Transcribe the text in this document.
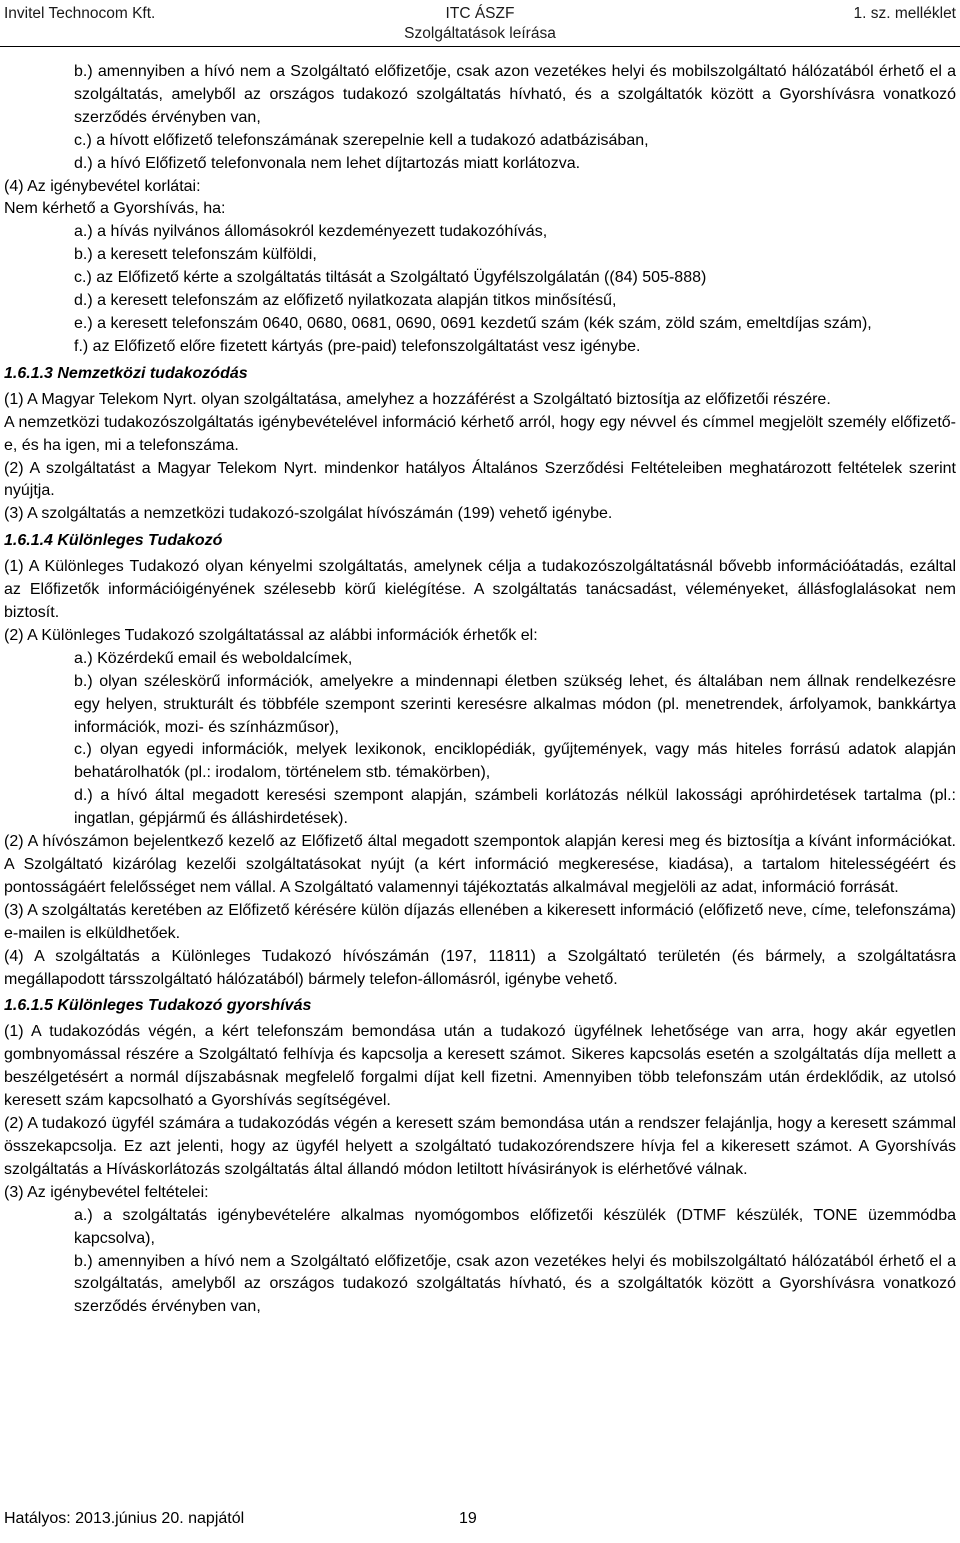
Invitel Technocom Kft.	ITC ÁSZF
Szolgáltatások leírása
1. sz. melléklet

b.) amennyiben a hívó nem a Szolgáltató előfizetője, csak azon vezetékes helyi és mobilszolgáltató hálózatából érhető el a szolgáltatás, amelyből az országos tudakozó szolgáltatás hívható, és a szolgáltatók között a Gyorshívásra vonatkozó szerződés érvényben van,

c.) a hívott előfizető telefonszámának szerepelnie kell a tudakozó adatbázisában,

d.) a hívó Előfizető telefonvonala nem lehet díjtartozás miatt korlátozva.

(4) Az igénybevétel korlátai:

Nem kérhető a Gyorshívás, ha:

a.) a hívás nyilvános állomásokról kezdeményezett tudakozóhívás,

b.) a keresett telefonszám külföldi,

c.) az Előfizető kérte a szolgáltatás tiltását a Szolgáltató Ügyfélszolgálatán ((84) 505-888)

d.) a keresett telefonszám az előfizető nyilatkozata alapján titkos minősítésű,

e.) a keresett telefonszám 0640, 0680, 0681, 0690, 0691 kezdetű szám (kék szám, zöld szám, emeltdíjas szám),

f.) az Előfizető előre fizetett kártyás (pre-paid) telefonszolgáltatást vesz igénybe.

1.6.1.3 Nemzetközi tudakozódás

(1) A Magyar Telekom Nyrt. olyan szolgáltatása, amelyhez a hozzáférést a Szolgáltató biztosítja az előfizetői részére.

A nemzetközi tudakozószolgáltatás igénybevételével információ kérhető arról, hogy egy névvel és címmel megjelölt személy előfizető-e, és ha igen, mi a telefonszáma.

(2) A szolgáltatást a Magyar Telekom Nyrt. mindenkor hatályos Általános Szerződési Feltételeiben meghatározott feltételek szerint nyújtja.

(3) A szolgáltatás a nemzetközi tudakozó-szolgálat hívószámán (199) vehető igénybe.

1.6.1.4 Különleges Tudakozó

(1) A Különleges Tudakozó olyan kényelmi szolgáltatás, amelynek célja a tudakozószolgáltatásnál bővebb információátadás, ezáltal az Előfizetők információigényének szélesebb körű kielégítése. A szolgáltatás tanácsadást, véleményeket, állásfoglalásokat nem biztosít.

(2) A Különleges Tudakozó szolgáltatással az alábbi információk érhetők el:

a.) Közérdekű email és weboldalcímek,

b.) olyan széleskörű információk, amelyekre a mindennapi életben szükség lehet, és általában nem állnak rendelkezésre egy helyen, strukturált és többféle szempont szerinti keresésre alkalmas módon (pl. menetrendek, árfolyamok, bankkártya információk, mozi- és színházműsor),

c.) olyan egyedi információk, melyek lexikonok, enciklopédiák, gyűjtemények, vagy más hiteles forrású adatok alapján behatárolhatók (pl.: irodalom, történelem stb. témakörben),

d.) a hívó által megadott keresési szempont alapján, számbeli korlátozás nélkül lakossági apróhirdetések tartalma (pl.: ingatlan, gépjármű és álláshirdetések).

(2) A hívószámon bejelentkező kezelő az Előfizető által megadott szempontok alapján keresi meg és biztosítja a kívánt információkat. A Szolgáltató kizárólag kezelői szolgáltatásokat nyújt (a kért információ megkeresése, kiadása), a tartalom hitelességéért és pontosságáért felelősséget nem vállal. A Szolgáltató valamennyi tájékoztatás alkalmával megjelöli az adat, információ forrását.

(3) A szolgáltatás keretében az Előfizető kérésére külön díjazás ellenében a kikeresett információ (előfizető neve, címe, telefonszáma) e-mailen is elküldhetőek.

(4) A szolgáltatás a Különleges Tudakozó hívószámán (197, 11811) a Szolgáltató területén (és bármely, a szolgáltatásra megállapodott társszolgáltató hálózatából) bármely telefon-állomásról, igénybe vehető.

1.6.1.5 Különleges Tudakozó gyorshívás

(1) A tudakozódás végén, a kért telefonszám bemondása után a tudakozó ügyfélnek lehetősége van arra, hogy akár egyetlen gombnyomással részére a Szolgáltató felhívja és kapcsolja a keresett számot. Sikeres kapcsolás esetén a szolgáltatás díja mellett a beszélgetésért a normál díjszabásnak megfelelő forgalmi díjat kell fizetni. Amennyiben több telefonszám után érdeklődik, az utolsó keresett szám kapcsolható a Gyorshívás segítségével.

(2) A tudakozó ügyfél számára a tudakozódás végén a keresett szám bemondása után a rendszer felajánlja, hogy a keresett számmal összekapcsolja. Ez azt jelenti, hogy az ügyfél helyett a szolgáltató tudakozórendszere hívja fel a kikeresett számot. A Gyorshívás szolgáltatás a Híváskorlátozás szolgáltatás által állandó módon letiltott hívásirányok is elérhetővé válnak.

(3) Az igénybevétel feltételei:

a.) a szolgáltatás igénybevételére alkalmas nyomógombos előfizetői készülék (DTMF készülék, TONE üzemmódba kapcsolva),

b.) amennyiben a hívó nem a Szolgáltató előfizetője, csak azon vezetékes helyi és mobilszolgáltató hálózatából érhető el a szolgáltatás, amelyből az országos tudakozó szolgáltatás hívható, és a szolgáltatók között a Gyorshívásra vonatkozó szerződés érvényben van,

Hatályos: 2013.június 20. napjától	19
